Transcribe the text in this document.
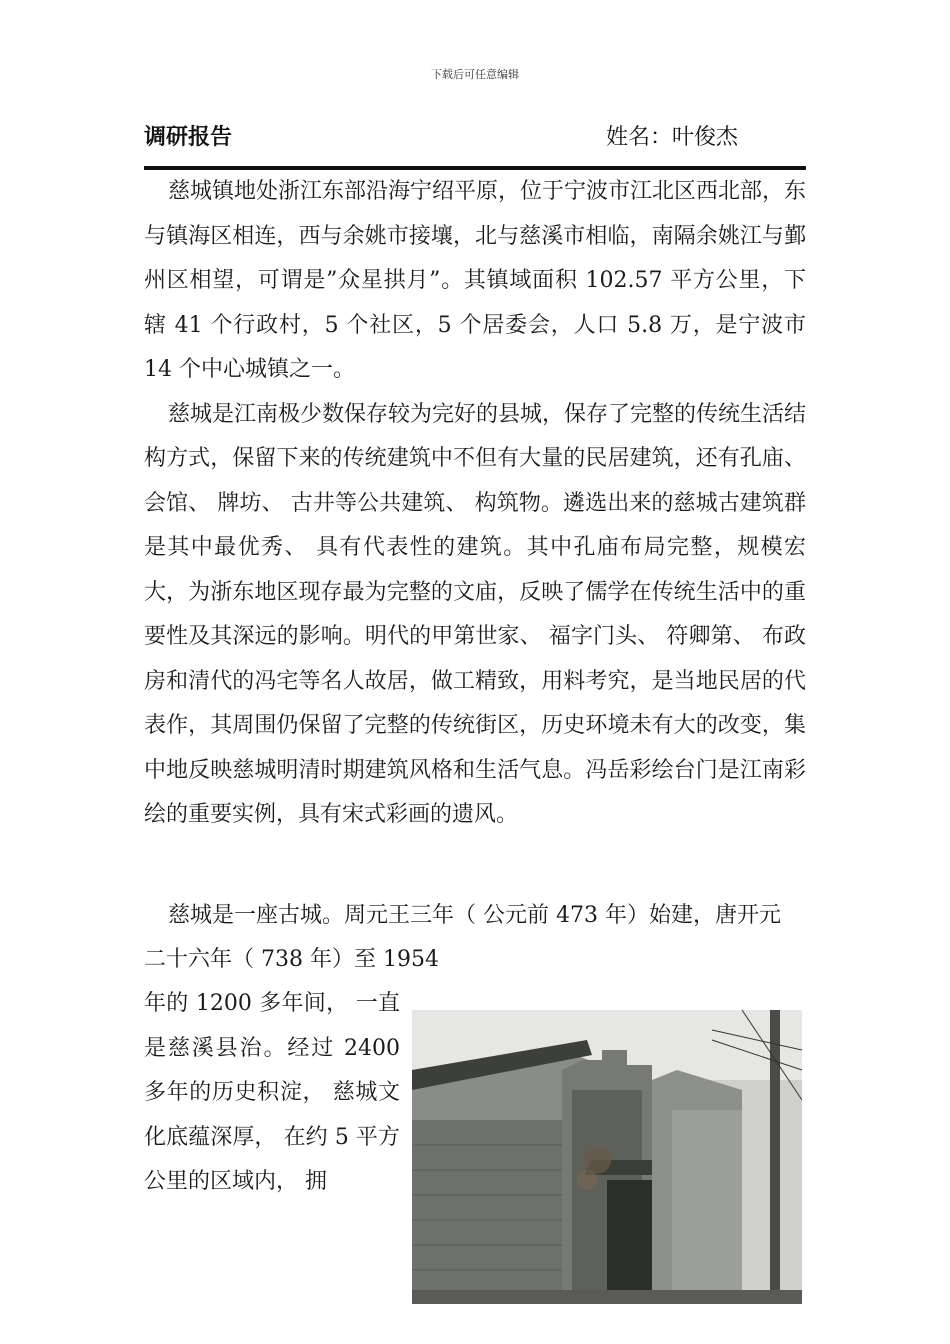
下载后可任意编辑
调研报告	姓名：叶俊杰

慈城镇地处浙江东部沿海宁绍平原，位于宁波市江北区西北部，东与镇海区相连，西与余姚市接壤，北与慈溪市相临，南隔余姚江与鄞州区相望，可谓是”众星拱月”。其镇域面积 102.57 平方公里，下辖 41 个行政村，5 个社区，5 个居委会，人口 5.8 万，是宁波市 14 个中心城镇之一。

慈城是江南极少数保存较为完好的县城，保存了完整的传统生活结构方式，保留下来的传统建筑中不但有大量的民居建筑，还有孔庙、 会馆、 牌坊、 古井等公共建筑、 构筑物。遴选出来的慈城古建筑群是其中最优秀、 具有代表性的建筑。其中孔庙布局完整，规模宏大，为浙东地区现存最为完整的文庙，反映了儒学在传统生活中的重要性及其深远的影响。明代的甲第世家、 福字门头、 符卿第、 布政房和清代的冯宅等名人故居，做工精致，用料考究，是当地民居的代表作，其周围仍保留了完整的传统街区，历史环境未有大的改变，集中地反映慈城明清时期建筑风格和生活气息。冯岳彩绘台门是江南彩绘的重要实例，具有宋式彩画的遗风。

慈城是一座古城。周元王三年（ 公元前 473 年）始建，唐开元
二十六年（ 738 年）至 1954
年的 1200 多年间， 一直是慈溪县治。经过 2400 多年的历史积淀， 慈城文化底蕴深厚， 在约 5 平方公里的区域内， 拥
